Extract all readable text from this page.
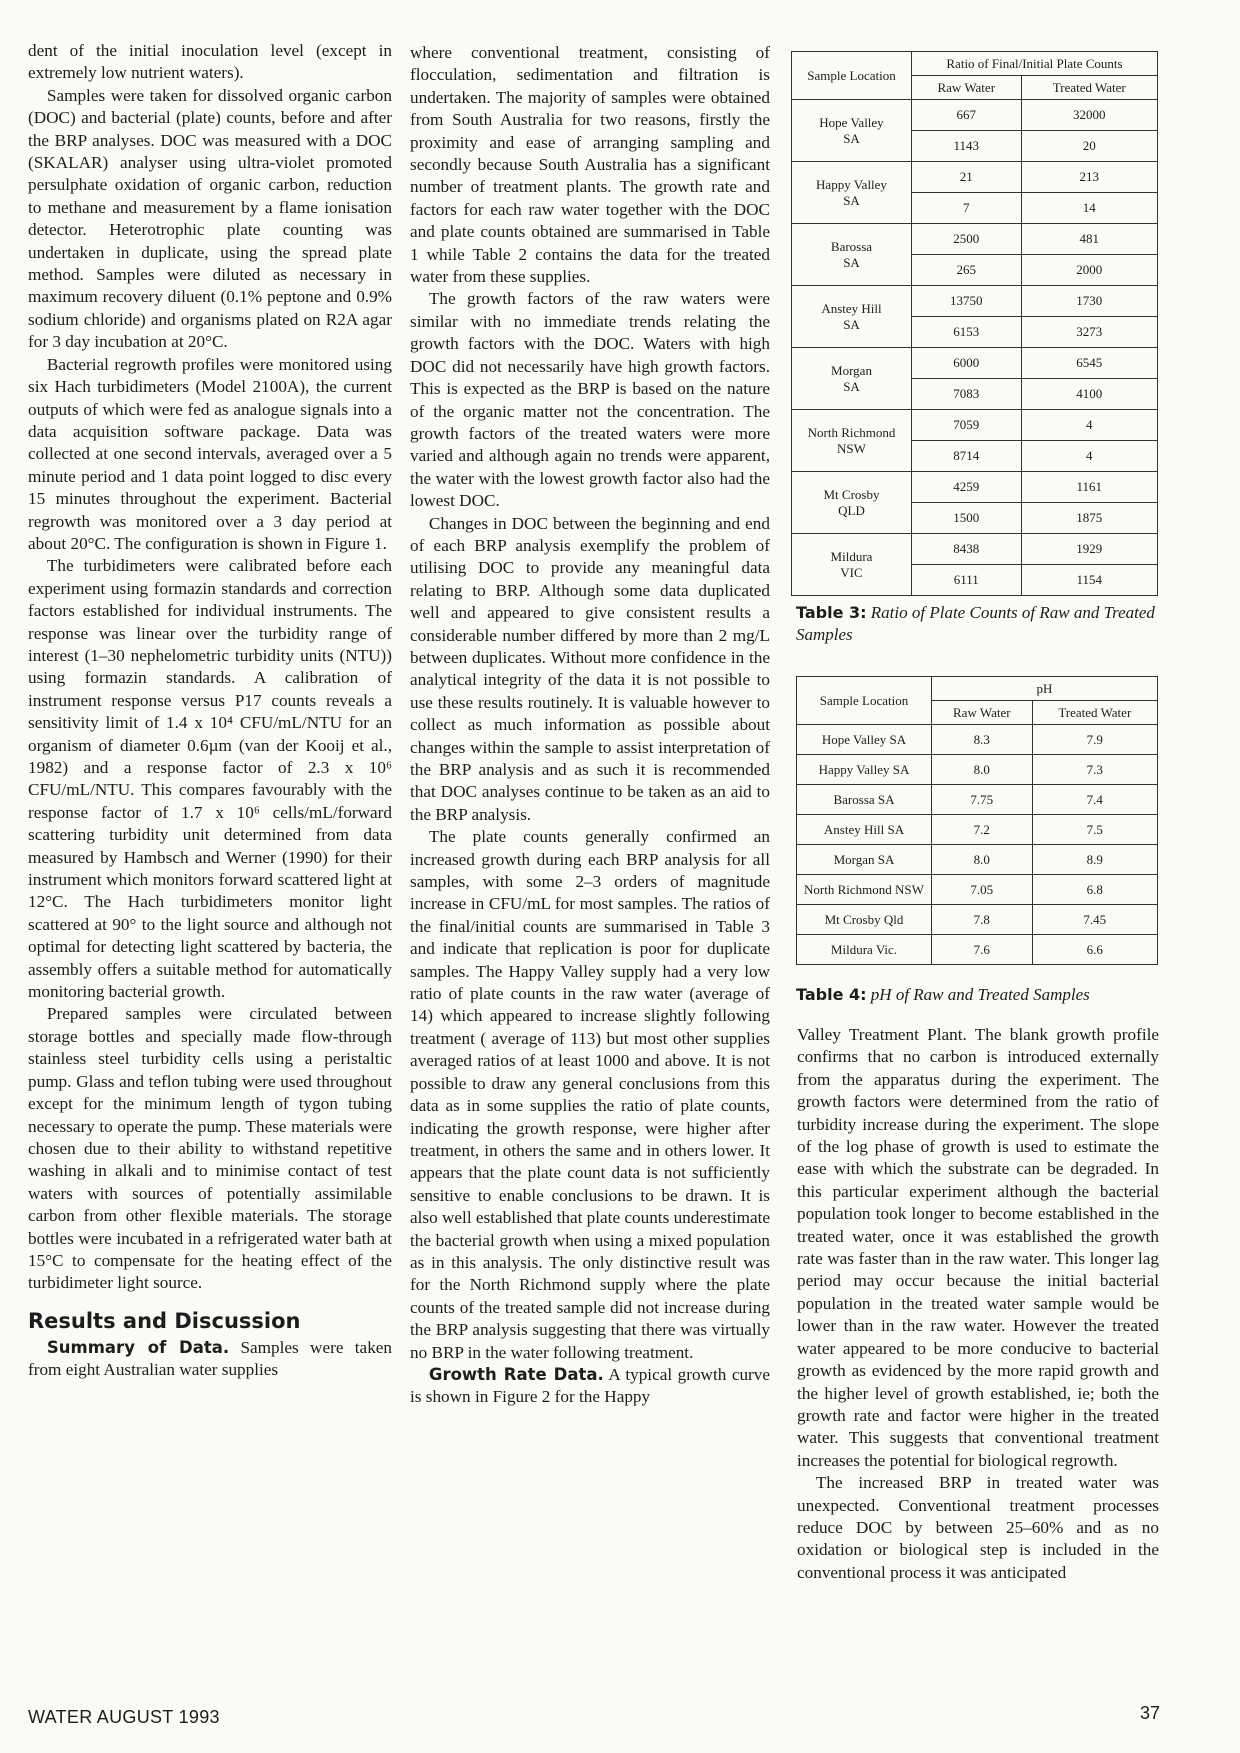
dent of the initial inoculation level (except in extremely low nutrient waters).

Samples were taken for dissolved organic carbon (DOC) and bacterial (plate) counts, before and after the BRP analyses. DOC was measured with a DOC (SKALAR) analyser using ultra-violet promoted persulphate oxidation of organic carbon, reduction to methane and measurement by a flame ionisation detector. Heterotrophic plate counting was undertaken in duplicate, using the spread plate method. Samples were diluted as necessary in maximum recovery diluent (0.1% peptone and 0.9% sodium chloride) and organisms plated on R2A agar for 3 day incubation at 20°C.

Bacterial regrowth profiles were monitored using six Hach turbidimeters (Model 2100A), the current outputs of which were fed as analogue signals into a data acquisition software package. Data was collected at one second intervals, averaged over a 5 minute period and 1 data point logged to disc every 15 minutes throughout the experiment. Bacterial regrowth was monitored over a 3 day period at about 20°C. The configuration is shown in Figure 1.

The turbidimeters were calibrated before each experiment using formazin standards and correction factors established for individual instruments. The response was linear over the turbidity range of interest (1–30 nephelometric turbidity units (NTU)) using formazin standards. A calibration of instrument response versus P17 counts reveals a sensitivity limit of 1.4 x 10⁴ CFU/mL/NTU for an organism of diameter 0.6µm (van der Kooij et al., 1982) and a response factor of 2.3 x 10⁶ CFU/mL/NTU. This compares favourably with the response factor of 1.7 x 10⁶ cells/mL/forward scattering turbidity unit determined from data measured by Hambsch and Werner (1990) for their instrument which monitors forward scattered light at 12°C. The Hach turbidimeters monitor light scattered at 90° to the light source and although not optimal for detecting light scattered by bacteria, the assembly offers a suitable method for automatically monitoring bacterial growth.

Prepared samples were circulated between storage bottles and specially made flow-through stainless steel turbidity cells using a peristaltic pump. Glass and teflon tubing were used throughout except for the minimum length of tygon tubing necessary to operate the pump. These materials were chosen due to their ability to withstand repetitive washing in alkali and to minimise contact of test waters with sources of potentially assimilable carbon from other flexible materials. The storage bottles were incubated in a refrigerated water bath at 15°C to compensate for the heating effect of the turbidimeter light source.

Results and Discussion

Summary of Data. Samples were taken from eight Australian water supplies

where conventional treatment, consisting of flocculation, sedimentation and filtration is undertaken. The majority of samples were obtained from South Australia for two reasons, firstly the proximity and ease of arranging sampling and secondly because South Australia has a significant number of treatment plants. The growth rate and factors for each raw water together with the DOC and plate counts obtained are summarised in Table 1 while Table 2 contains the data for the treated water from these supplies.

The growth factors of the raw waters were similar with no immediate trends relating the growth factors with the DOC. Waters with high DOC did not necessarily have high growth factors. This is expected as the BRP is based on the nature of the organic matter not the concentration. The growth factors of the treated waters were more varied and although again no trends were apparent, the water with the lowest growth factor also had the lowest DOC.

Changes in DOC between the beginning and end of each BRP analysis exemplify the problem of utilising DOC to provide any meaningful data relating to BRP. Although some data duplicated well and appeared to give consistent results a considerable number differed by more than 2 mg/L between duplicates. Without more confidence in the analytical integrity of the data it is not possible to use these results routinely. It is valuable however to collect as much information as possible about changes within the sample to assist interpretation of the BRP analysis and as such it is recommended that DOC analyses continue to be taken as an aid to the BRP analysis.

The plate counts generally confirmed an increased growth during each BRP analysis for all samples, with some 2–3 orders of magnitude increase in CFU/mL for most samples. The ratios of the final/initial counts are summarised in Table 3 and indicate that replication is poor for duplicate samples. The Happy Valley supply had a very low ratio of plate counts in the raw water (average of 14) which appeared to increase slightly following treatment ( average of 113) but most other supplies averaged ratios of at least 1000 and above. It is not possible to draw any general conclusions from this data as in some supplies the ratio of plate counts, indicating the growth response, were higher after treatment, in others the same and in others lower. It appears that the plate count data is not sufficiently sensitive to enable conclusions to be drawn. It is also well established that plate counts underestimate the bacterial growth when using a mixed population as in this analysis. The only distinctive result was for the North Richmond supply where the plate counts of the treated sample did not increase during the BRP analysis suggesting that there was virtually no BRP in the water following treatment.

Growth Rate Data. A typical growth curve is shown in Figure 2 for the Happy

Sample Location	Ratio of Final/Initial Plate Counts	
	Raw Water	Treated Water

Hope Valley
SA	667	32000
	1143	20

Happy Valley
SA	21	213
	7	14

Barossa
SA	2500	481
	265	2000

Anstey Hill
SA	13750	1730
	6153	3273

Morgan
SA	6000	6545
	7083	4100

North Richmond
NSW	7059	4
	8714	4

Mt Crosby
QLD	4259	1161
	1500	1875

Mildura
VIC	8438	1929
	6111	1154
Table 3: Ratio of Plate Counts of Raw and Treated Samples
Sample Location	pH	
	Raw Water	Treated Water
Hope Valley SA	8.3	7.9
Happy Valley SA	8.0	7.3
Barossa SA	7.75	7.4
Anstey Hill SA	7.2	7.5
Morgan SA	8.0	8.9
North Richmond NSW	7.05	6.8
Mt Crosby Qld	7.8	7.45
Mildura Vic.	7.6	6.6
Table 4: pH of Raw and Treated Samples

Valley Treatment Plant. The blank growth profile confirms that no carbon is introduced externally from the apparatus during the experiment. The growth factors were determined from the ratio of turbidity increase during the experiment. The slope of the log phase of growth is used to estimate the ease with which the substrate can be degraded. In this particular experiment although the bacterial population took longer to become established in the treated water, once it was established the growth rate was faster than in the raw water. This longer lag period may occur because the initial bacterial population in the treated water sample would be lower than in the raw water. However the treated water appeared to be more conducive to bacterial growth as evidenced by the more rapid growth and the higher level of growth established, ie; both the growth rate and factor were higher in the treated water. This suggests that conventional treatment increases the potential for biological regrowth.

The increased BRP in treated water was unexpected. Conventional treatment processes reduce DOC by between 25–60% and as no oxidation or biological step is included in the conventional process it was anticipated

WATER AUGUST 1993	37
